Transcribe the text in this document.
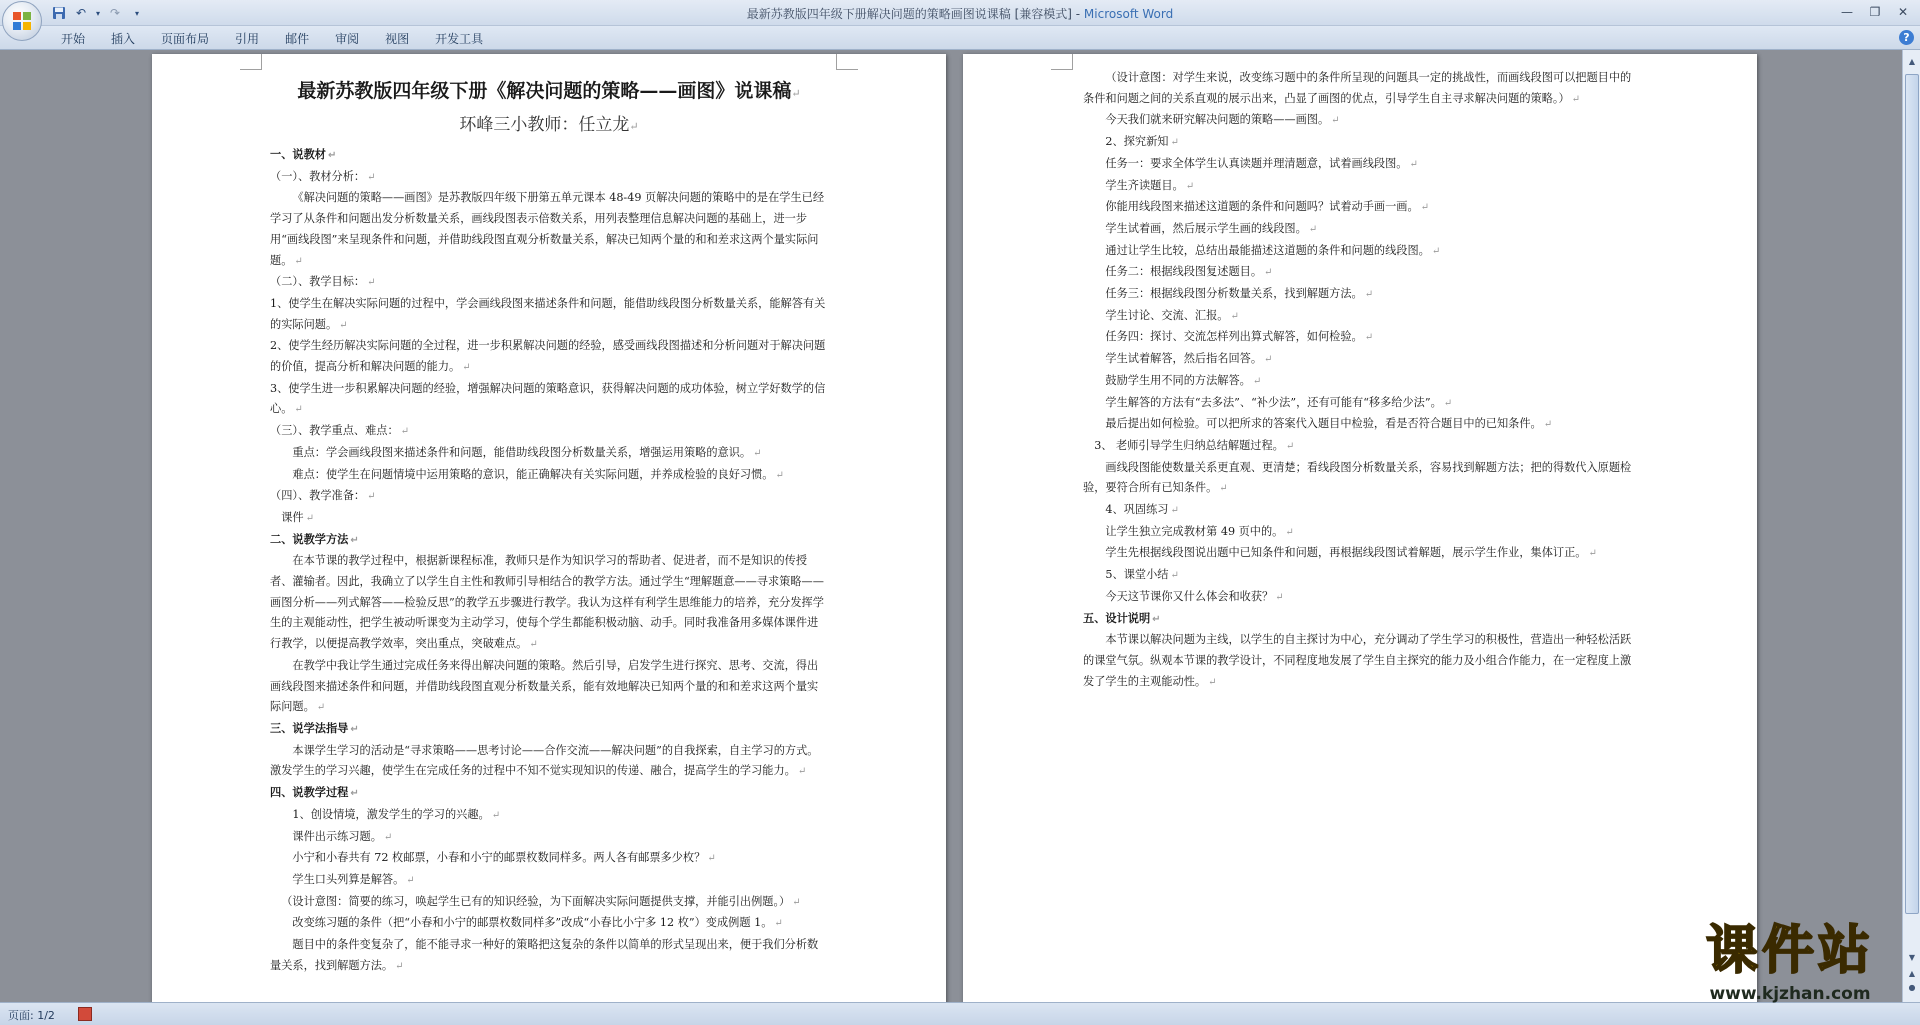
↶	▾ ↷	▾	最新苏教版四年级下册解决问题的策略画图说课稿 [兼容模式] - Microsoft Word	—	❐	✕
开始	插入	页面布局	引用	邮件	审阅	视图	开发工具	?
最新苏教版四年级下册《解决问题的策略——画图》说课稿 ↵
环峰三小教师：任立龙 ↵
一、说教材 ↵
（一）、教材分析： ↵
《解决问题的策略——画图》是苏教版四年级下册第五单元课本 48-49 页解决问题的策略中的是在学生已经学习了从条件和问题出发分析数量关系，画线段图表示倍数关系，用列表整理信息解决问题的基础上，进一步用“画线段图”来呈现条件和问题，并借助线段图直观分析数量关系，解决已知两个量的和和差求这两个量实际问题。 ↵
（二）、教学目标： ↵
1、使学生在解决实际问题的过程中，学会画线段图来描述条件和问题，能借助线段图分析数量关系，能解答有关的实际问题。 ↵
2、使学生经历解决实际问题的全过程，进一步积累解决问题的经验，感受画线段图描述和分析问题对于解决问题的价值，提高分析和解决问题的能力。 ↵
3、使学生进一步积累解决问题的经验，增强解决问题的策略意识，获得解决问题的成功体验，树立学好数学的信心。 ↵
（三）、教学重点、难点： ↵
重点：学会画线段图来描述条件和问题，能借助线段图分析数量关系，增强运用策略的意识。 ↵
难点：使学生在问题情境中运用策略的意识，能正确解决有关实际问题，并养成检验的良好习惯。 ↵
（四）、教学准备： ↵
课件 ↵
二、说教学方法 ↵
在本节课的教学过程中，根据新课程标准，教师只是作为知识学习的帮助者、促进者，而不是知识的传授者、灌输者。因此，我确立了以学生自主性和教师引导相结合的教学方法。通过学生“理解题意——寻求策略——画图分析——列式解答——检验反思”的教学五步骤进行教学。我认为这样有利学生思维能力的培养，充分发挥学生的主观能动性，把学生被动听课变为主动学习，使每个学生都能积极动脑、动手。同时我准备用多媒体课件进行教学，以便提高教学效率，突出重点，突破难点。 ↵
在教学中我让学生通过完成任务来得出解决问题的策略。然后引导，启发学生进行探究、思考、交流，得出画线段图来描述条件和问题，并借助线段图直观分析数量关系，能有效地解决已知两个量的和和差求这两个量实际问题。 ↵
三、说学法指导 ↵
本课学生学习的活动是“寻求策略——思考讨论——合作交流——解决问题”的自我探索，自主学习的方式。激发学生的学习兴趣，使学生在完成任务的过程中不知不觉实现知识的传递、融合，提高学生的学习能力。 ↵
四、说教学过程 ↵
1、创设情境，激发学生的学习的兴趣。 ↵
课件出示练习题。 ↵
小宁和小春共有 72 枚邮票，小春和小宁的邮票枚数同样多。两人各有邮票多少枚？ ↵
学生口头列算是解答。 ↵
（设计意图：简要的练习，唤起学生已有的知识经验，为下面解决实际问题提供支撑，并能引出例题。） ↵
改变练习题的条件（把“小春和小宁的邮票枚数同样多”改成“小春比小宁多 12 枚”）变成例题 1。 ↵
题目中的条件变复杂了，能不能寻求一种好的策略把这复杂的条件以简单的形式呈现出来，便于我们分析数量关系，找到解题方法。 ↵
（设计意图：对学生来说，改变练习题中的条件所呈现的问题具一定的挑战性，而画线段图可以把题目中的条件和问题之间的关系直观的展示出来，凸显了画图的优点，引导学生自主寻求解决问题的策略。） ↵
今天我们就来研究解决问题的策略——画图。 ↵
2、探究新知 ↵
任务一：要求全体学生认真读题并理清题意，试着画线段图。 ↵
学生齐读题目。 ↵
你能用线段图来描述这道题的条件和问题吗？试着动手画一画。 ↵
学生试着画，然后展示学生画的线段图。 ↵
通过让学生比较，总结出最能描述这道题的条件和问题的线段图。 ↵
任务二：根据线段图复述题目。 ↵
任务三：根据线段图分析数量关系，找到解题方法。 ↵
学生讨论、交流、汇报。 ↵
任务四：探讨、交流怎样列出算式解答，如何检验。 ↵
学生试着解答，然后指名回答。 ↵
鼓励学生用不同的方法解答。 ↵
学生解答的方法有“去多法”、“补少法”，还有可能有“移多给少法”。 ↵
最后提出如何检验。可以把所求的答案代入题目中检验，看是否符合题目中的已知条件。 ↵
3、 老师引导学生归纳总结解题过程。 ↵
画线段图能使数量关系更直观、更清楚；看线段图分析数量关系，容易找到解题方法；把的得数代入原题检验，要符合所有已知条件。 ↵
4、巩固练习 ↵
让学生独立完成教材第 49 页中的。 ↵
学生先根据线段图说出题中已知条件和问题，再根据线段图试着解题，展示学生作业，集体订正。 ↵
5、课堂小结 ↵
今天这节课你又什么体会和收获？ ↵
五、设计说明 ↵
本节课以解决问题为主线，以学生的自主探讨为中心，充分调动了学生学习的积极性，营造出一种轻松活跃的课堂气氛。纵观本节课的教学设计，不同程度地发展了学生自主探究的能力及小组合作能力，在一定程度上激发了学生的主观能动性。 ↵
▲
▼
▲
●
页面: 1/2
课件站
www.kjzhan.com
